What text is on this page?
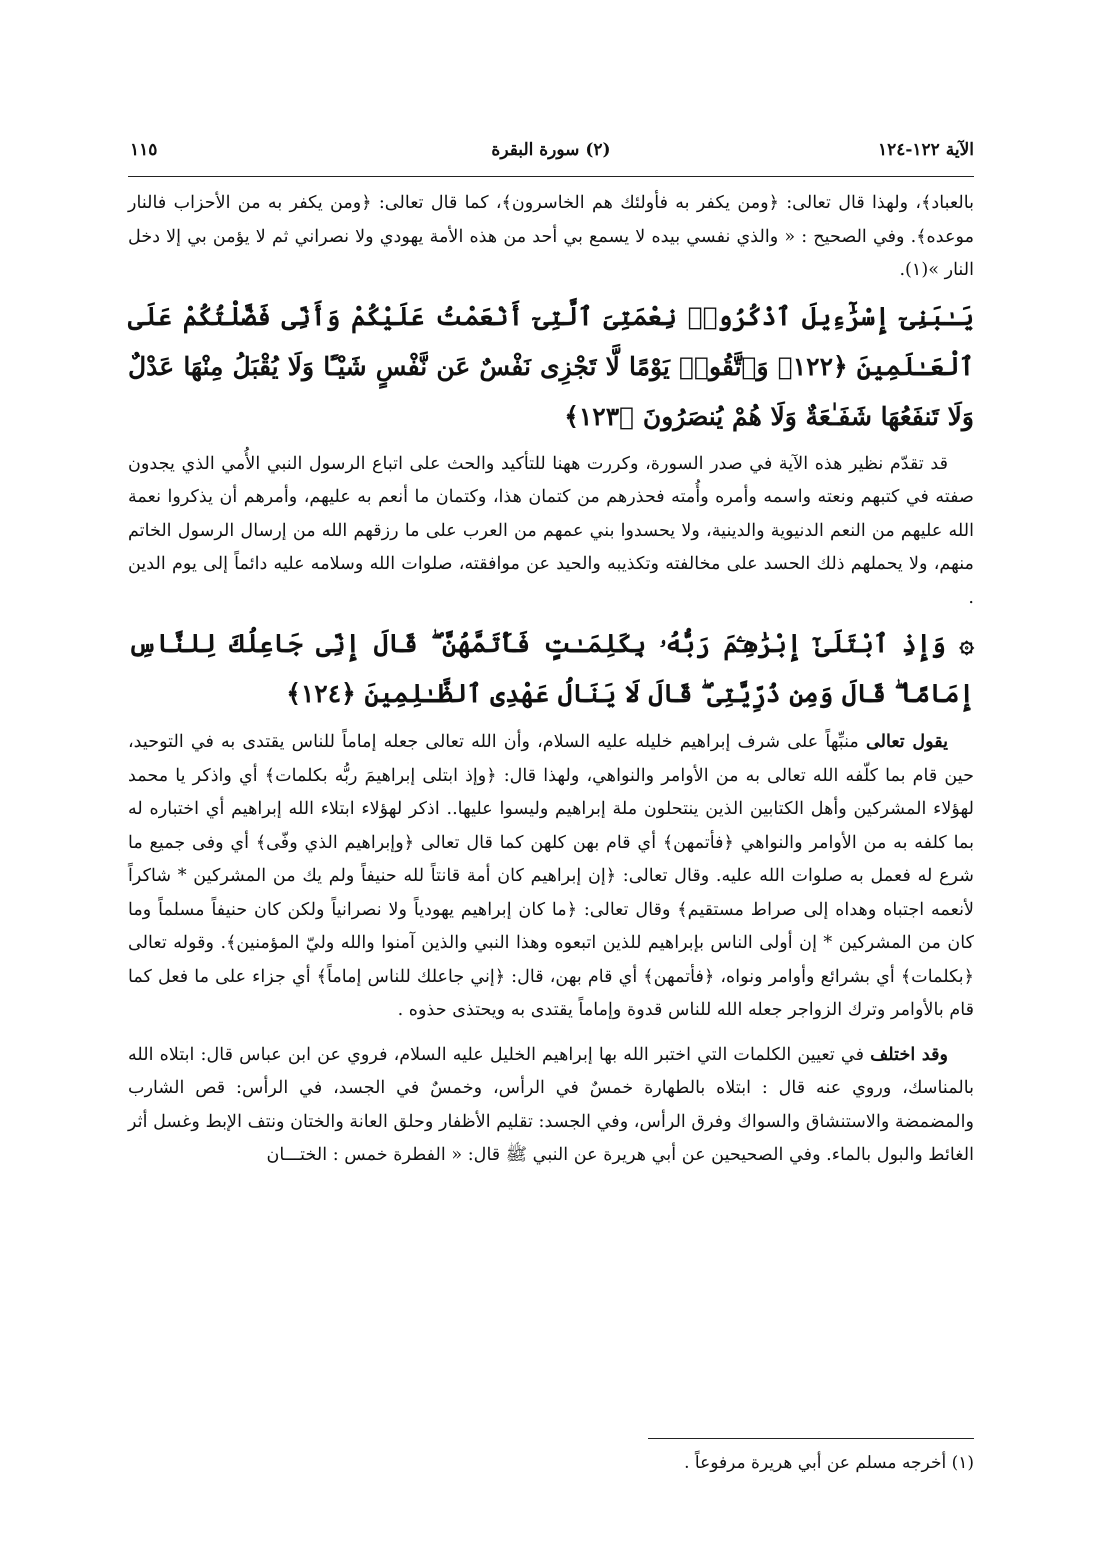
الآية ١٢٢-١٢٤
(٢) سورة البقرة
١١٥

بالعباد﴾، ولهذا قال تعالى: ﴿ومن يكفر به فأولئك هم الخاسرون﴾، كما قال تعالى: ﴿ومن يكفر به من الأحزاب فالنار موعده﴾. وفي الصحيح : « والذي نفسي بيده لا يسمع بي أحد من هذه الأمة يهودي ولا نصراني ثم لا يؤمن بي إلا دخل النار »(١).

يَـٰبَنِىٓ إِسْرَٰٓءِيلَ ٱذْكُرُوا۟ نِعْمَتِىَ ٱلَّتِىٓ أَنْعَمْتُ عَلَيْكُمْ وَأَنِّى فَضَّلْتُكُمْ عَلَى ٱلْعَـٰلَمِينَ ﴿١٢٢﴾ وَٱتَّقُوا۟ يَوْمًا لَّا تَجْزِى نَفْسٌ عَن نَّفْسٍ شَيْـًٔا وَلَا يُقْبَلُ مِنْهَا عَدْلٌ وَلَا تَنفَعُهَا شَفَـٰعَةٌ وَلَا هُمْ يُنصَرُونَ ﴿١٢٣﴾

قد تقدّم نظير هذه الآية في صدر السورة، وكررت ههنا للتأكيد والحث على اتباع الرسول النبي الأُمي الذي يجدون صفته في كتبهم ونعته واسمه وأمره وأُمته فحذرهم من كتمان هذا، وكتمان ما أنعم به عليهم، وأمرهم أن يذكروا نعمة الله عليهم من النعم الدنيوية والدينية، ولا يحسدوا بني عمهم من العرب على ما رزقهم الله من إرسال الرسول الخاتم منهم، ولا يحملهم ذلك الحسد على مخالفته وتكذيبه والحيد عن موافقته، صلوات الله وسلامه عليه دائماً إلى يوم الدين .

۞ وَإِذِ ٱبْتَلَىٰٓ إِبْرَٰهِـۧمَ رَبُّهُۥ بِكَلِمَـٰتٍ فَأَتَمَّهُنَّ ۖ قَالَ إِنِّى جَاعِلُكَ لِلنَّاسِ إِمَامًا ۖ قَالَ وَمِن ذُرِّيَّتِى ۖ قَالَ لَا يَنَالُ عَهْدِى ٱلظَّـٰلِمِينَ ﴿١٢٤﴾

يقول تعالى منبِّهاً على شرف إبراهيم خليله عليه السلام، وأن الله تعالى جعله إماماً للناس يقتدى به في التوحيد، حين قام بما كلّفه الله تعالى به من الأوامر والنواهي، ولهذا قال: ﴿وإذ ابتلى إبراهيمَ ربُّه بكلمات﴾ أي واذكر يا محمد لهؤلاء المشركين وأهل الكتابين الذين ينتحلون ملة إبراهيم وليسوا عليها.. اذكر لهؤلاء ابتلاء الله إبراهيم أي اختباره له بما كلفه به من الأوامر والنواهي ﴿فأتمهن﴾ أي قام بهن كلهن كما قال تعالى ﴿وإبراهيم الذي وفّى﴾ أي وفى جميع ما شرع له فعمل به صلوات الله عليه. وقال تعالى: ﴿إن إبراهيم كان أمة قانتاً لله حنيفاً ولم يك من المشركين * شاكراً لأنعمه اجتباه وهداه إلى صراط مستقيم﴾ وقال تعالى: ﴿ما كان إبراهيم يهودياً ولا نصرانياً ولكن كان حنيفاً مسلماً وما كان من المشركين * إن أولى الناس بإبراهيم للذين اتبعوه وهذا النبي والذين آمنوا والله وليّ المؤمنين﴾. وقوله تعالى ﴿بكلمات﴾ أي بشرائع وأوامر ونواه، ﴿فأتمهن﴾ أي قام بهن، قال: ﴿إني جاعلك للناس إماماً﴾ أي جزاء على ما فعل كما قام بالأوامر وترك الزواجر جعله الله للناس قدوة وإماماً يقتدى به ويحتذى حذوه .

وقد اختلف في تعيين الكلمات التي اختبر الله بها إبراهيم الخليل عليه السلام، فروي عن ابن عباس قال: ابتلاه الله بالمناسك، وروي عنه قال : ابتلاه بالطهارة خمسٌ في الرأس، وخمسٌ في الجسد، في الرأس: قص الشارب والمضمضة والاستنشاق والسواك وفرق الرأس، وفي الجسد: تقليم الأظفار وحلق العانة والختان ونتف الإبط وغسل أثر الغائط والبول بالماء. وفي الصحيحين عن أبي هريرة عن النبي ﷺ قال: « الفطرة خمس : الختـــان

(١) أخرجه مسلم عن أبي هريرة مرفوعاً .
